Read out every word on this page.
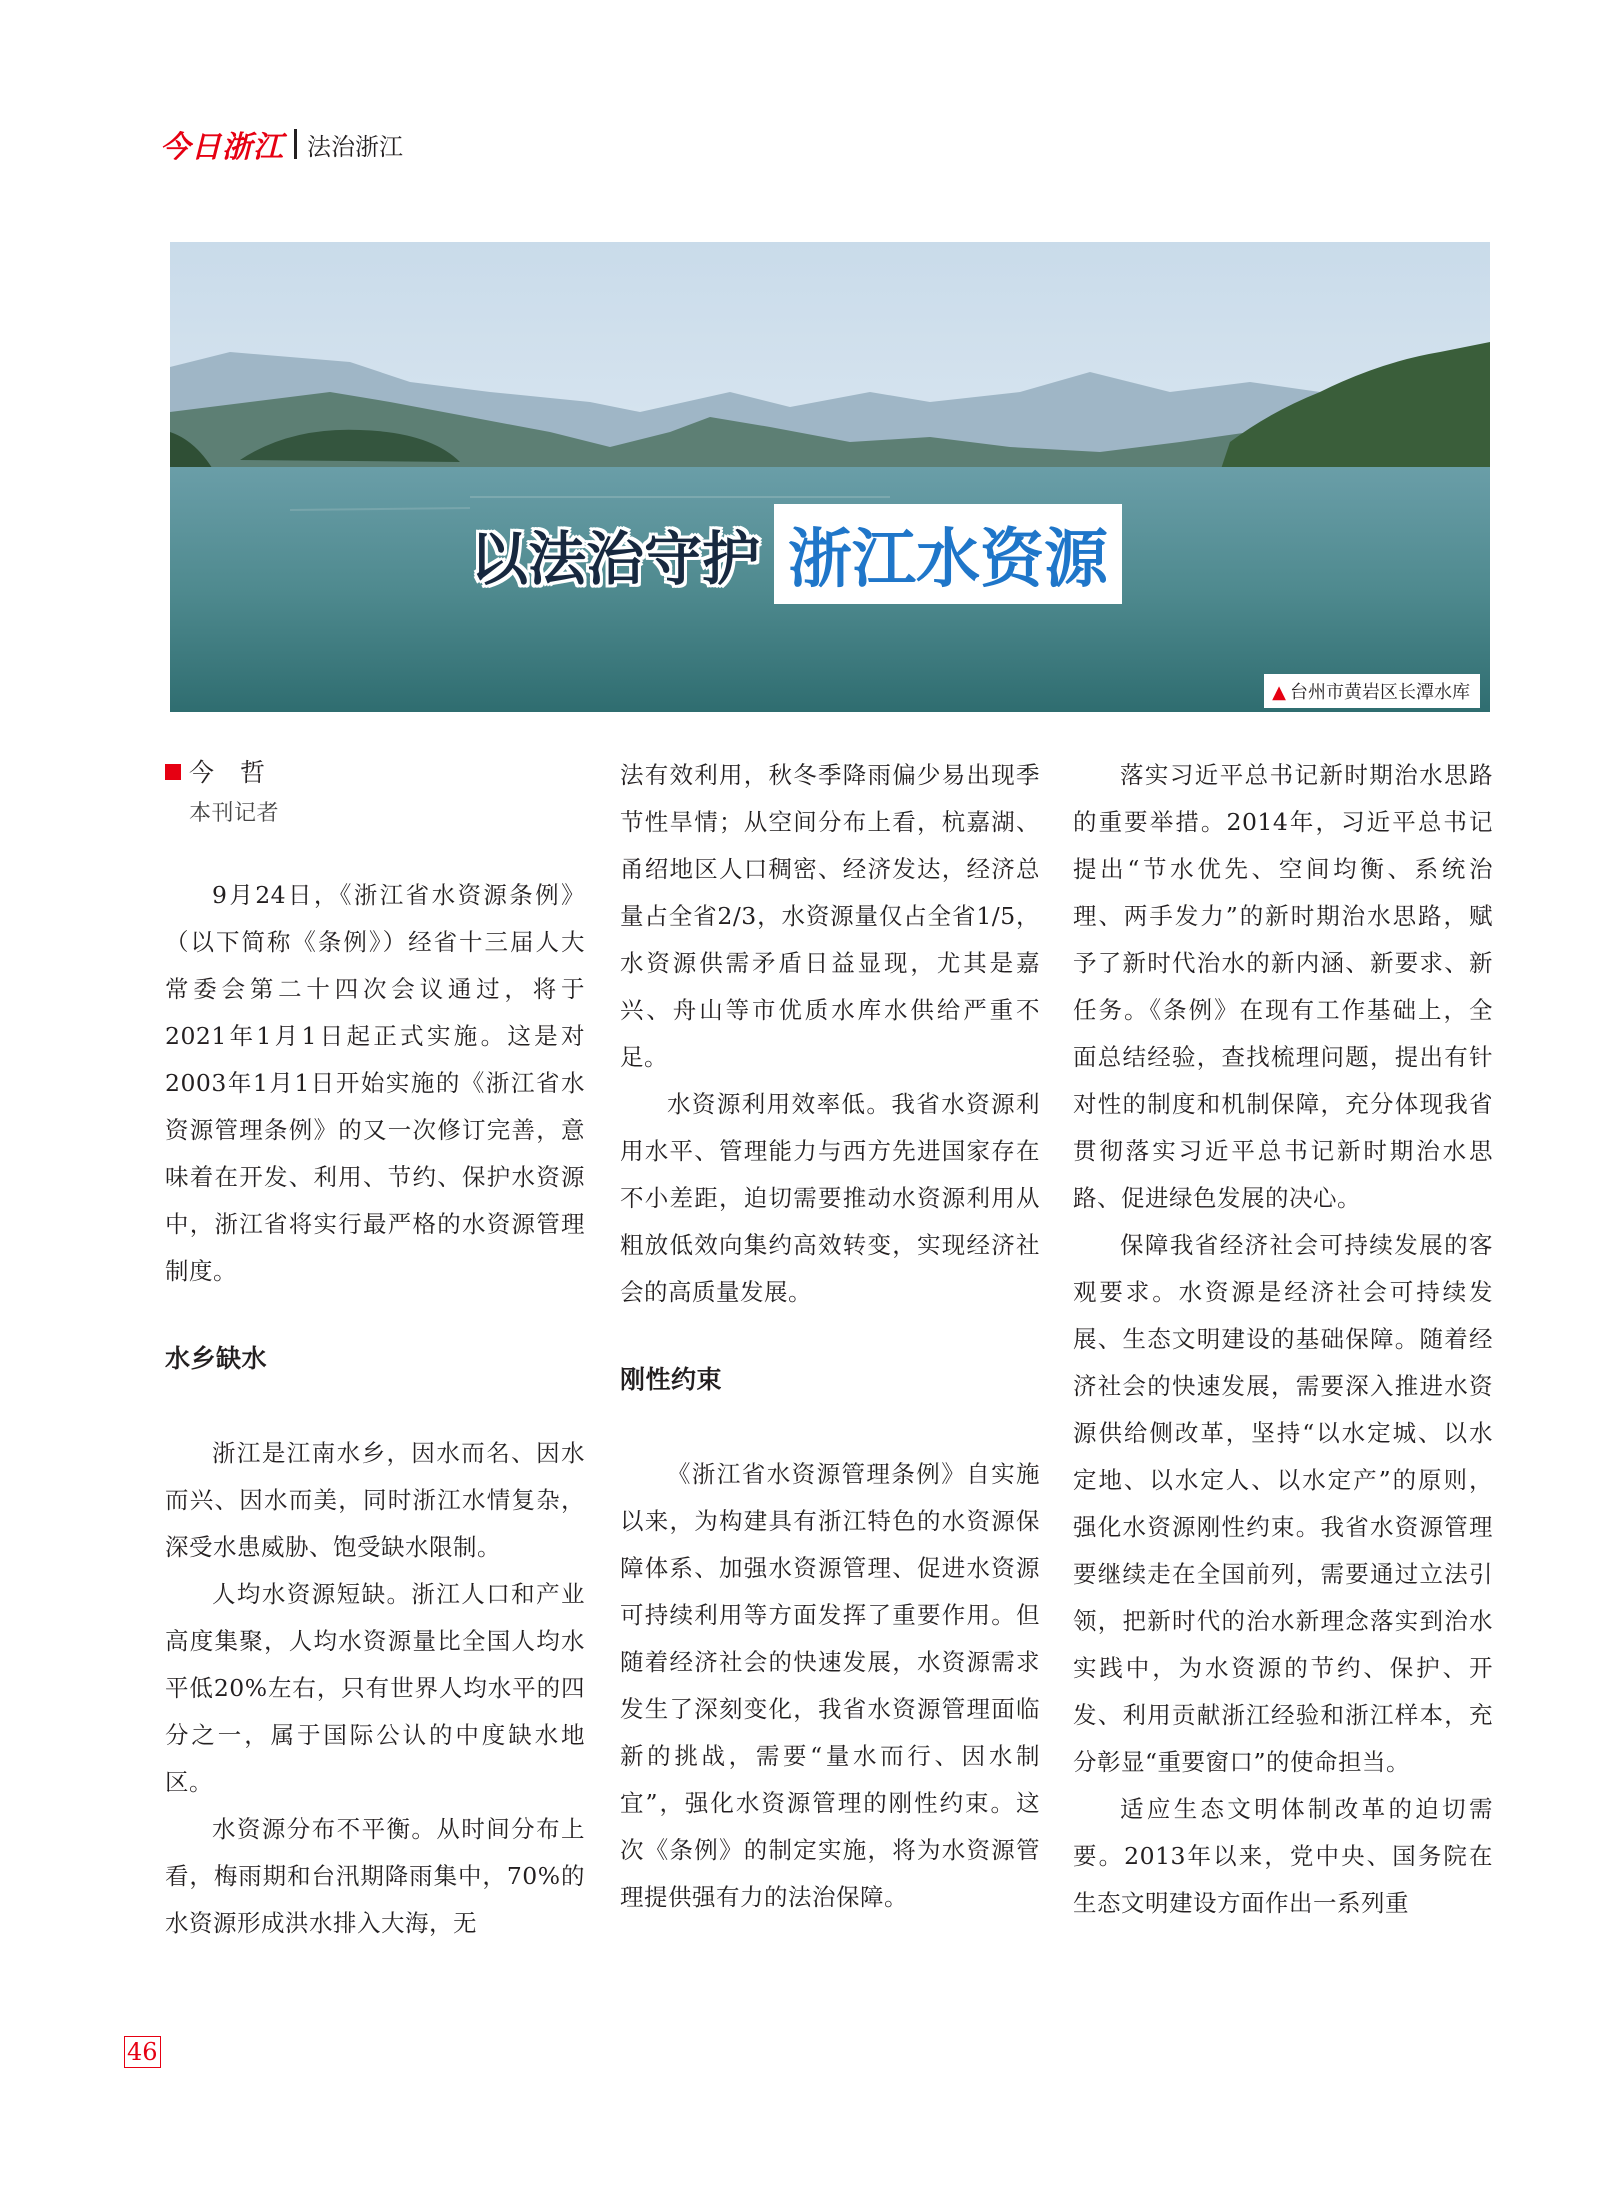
今日浙江 法治浙江
以法治守护 浙江水资源
▲ 台州市黄岩区长潭水库
今　哲
本刊记者

9月24日，《浙江省水资源条例》（以下简称《条例》）经省十三届人大常委会第二十四次会议通过，将于2021年1月1日起正式实施。这是对2003年1月1日开始实施的《浙江省水资源管理条例》的又一次修订完善，意味着在开发、利用、节约、保护水资源中，浙江省将实行最严格的水资源管理制度。

水乡缺水

浙江是江南水乡，因水而名、因水而兴、因水而美，同时浙江水情复杂，深受水患威胁、饱受缺水限制。

人均水资源短缺。浙江人口和产业高度集聚，人均水资源量比全国人均水平低20%左右，只有世界人均水平的四分之一，属于国际公认的中度缺水地区。

水资源分布不平衡。从时间分布上看，梅雨期和台汛期降雨集中，70%的水资源形成洪水排入大海，无

法有效利用，秋冬季降雨偏少易出现季节性旱情；从空间分布上看，杭嘉湖、甬绍地区人口稠密、经济发达，经济总量占全省2/3，水资源量仅占全省1/5，水资源供需矛盾日益显现，尤其是嘉兴、舟山等市优质水库水供给严重不足。

水资源利用效率低。我省水资源利用水平、管理能力与西方先进国家存在不小差距，迫切需要推动水资源利用从粗放低效向集约高效转变，实现经济社会的高质量发展。

刚性约束

《浙江省水资源管理条例》自实施以来，为构建具有浙江特色的水资源保障体系、加强水资源管理、促进水资源可持续利用等方面发挥了重要作用。但随着经济社会的快速发展，水资源需求发生了深刻变化，我省水资源管理面临新的挑战，需要“量水而行、因水制宜”，强化水资源管理的刚性约束。这次《条例》的制定实施，将为水资源管理提供强有力的法治保障。

落实习近平总书记新时期治水思路的重要举措。2014年，习近平总书记提出“节水优先、空间均衡、系统治理、两手发力”的新时期治水思路，赋予了新时代治水的新内涵、新要求、新任务。《条例》在现有工作基础上，全面总结经验，查找梳理问题，提出有针对性的制度和机制保障，充分体现我省贯彻落实习近平总书记新时期治水思路、促进绿色发展的决心。

保障我省经济社会可持续发展的客观要求。水资源是经济社会可持续发展、生态文明建设的基础保障。随着经济社会的快速发展，需要深入推进水资源供给侧改革，坚持“以水定城、以水定地、以水定人、以水定产”的原则，强化水资源刚性约束。我省水资源管理要继续走在全国前列，需要通过立法引领，把新时代的治水新理念落实到治水实践中，为水资源的节约、保护、开发、利用贡献浙江经验和浙江样本，充分彰显“重要窗口”的使命担当。

适应生态文明体制改革的迫切需要。2013年以来，党中央、国务院在生态文明建设方面作出一系列重

46
